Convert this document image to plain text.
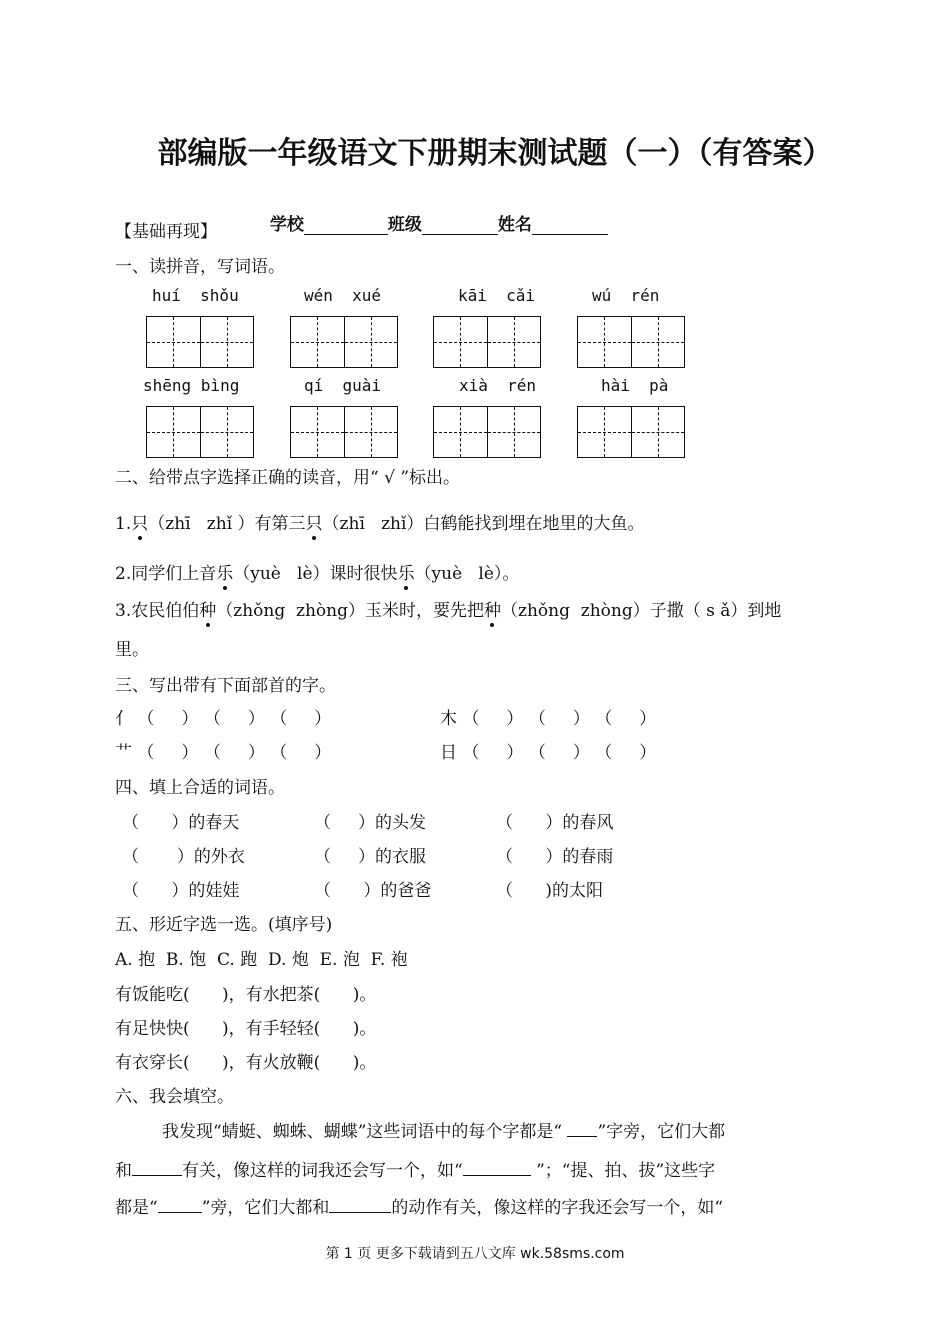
部编版一年级语文下册期末测试题（一）（有答案）

学校	班级	姓名

【基础再现】
一、读拼音，写词语。
huí  shǒu	wén  xué	kāi  cǎi	wú  rén
shēng bìng	qí  guài	xià  rén	hài  pà
二、给带点字选择正确的读音，用“ √ ”标出。
1.只（zhī   zhǐ ）有第三只（zhī   zhǐ）白鹤能找到埋在地里的大鱼。
2.同学们上音乐（yuè   lè）课时很快乐（yuè   lè）。
3.农民伯伯种（zhǒng  zhòng）玉米时，要先把种（zhǒng  zhòng）子撒（ s ǎ）到地
里。
三、写出带有下面部首的字。
亻 （     ） （     ） （     ）	木 （     ） （     ） （     ）
艹 （     ） （     ） （     ）	日 （     ） （     ） （     ）
四、填上合适的词语。
（      ）的春天	（     ）的头发	（      ）的春风
（       ）的外衣	（     ）的衣服	（      ）的春雨
（      ）的娃娃	（      ）的爸爸	（      )的太阳
五、形近字选一选。(填序号)
A. 抱  B. 饱  C. 跑  D. 炮  E. 泡  F. 袍
有饭能吃(      )，有水把茶(      )。
有足快快(      )，有手轻轻(      )。
有衣穿长(      )，有火放鞭(      )。
六、我会填空。
我发现“蜻蜓、蜘蛛、蝴蝶”这些词语中的每个字都是“ ”字旁，它们大都
和	有关，像这样的词我还会写一个，如“	”；“提、拍、拔”这些字
都是“	”旁，它们大都和	的动作有关，像这样的字我还会写一个，如“
第 1 页 更多下载请到五八文库 wk.58sms.com
